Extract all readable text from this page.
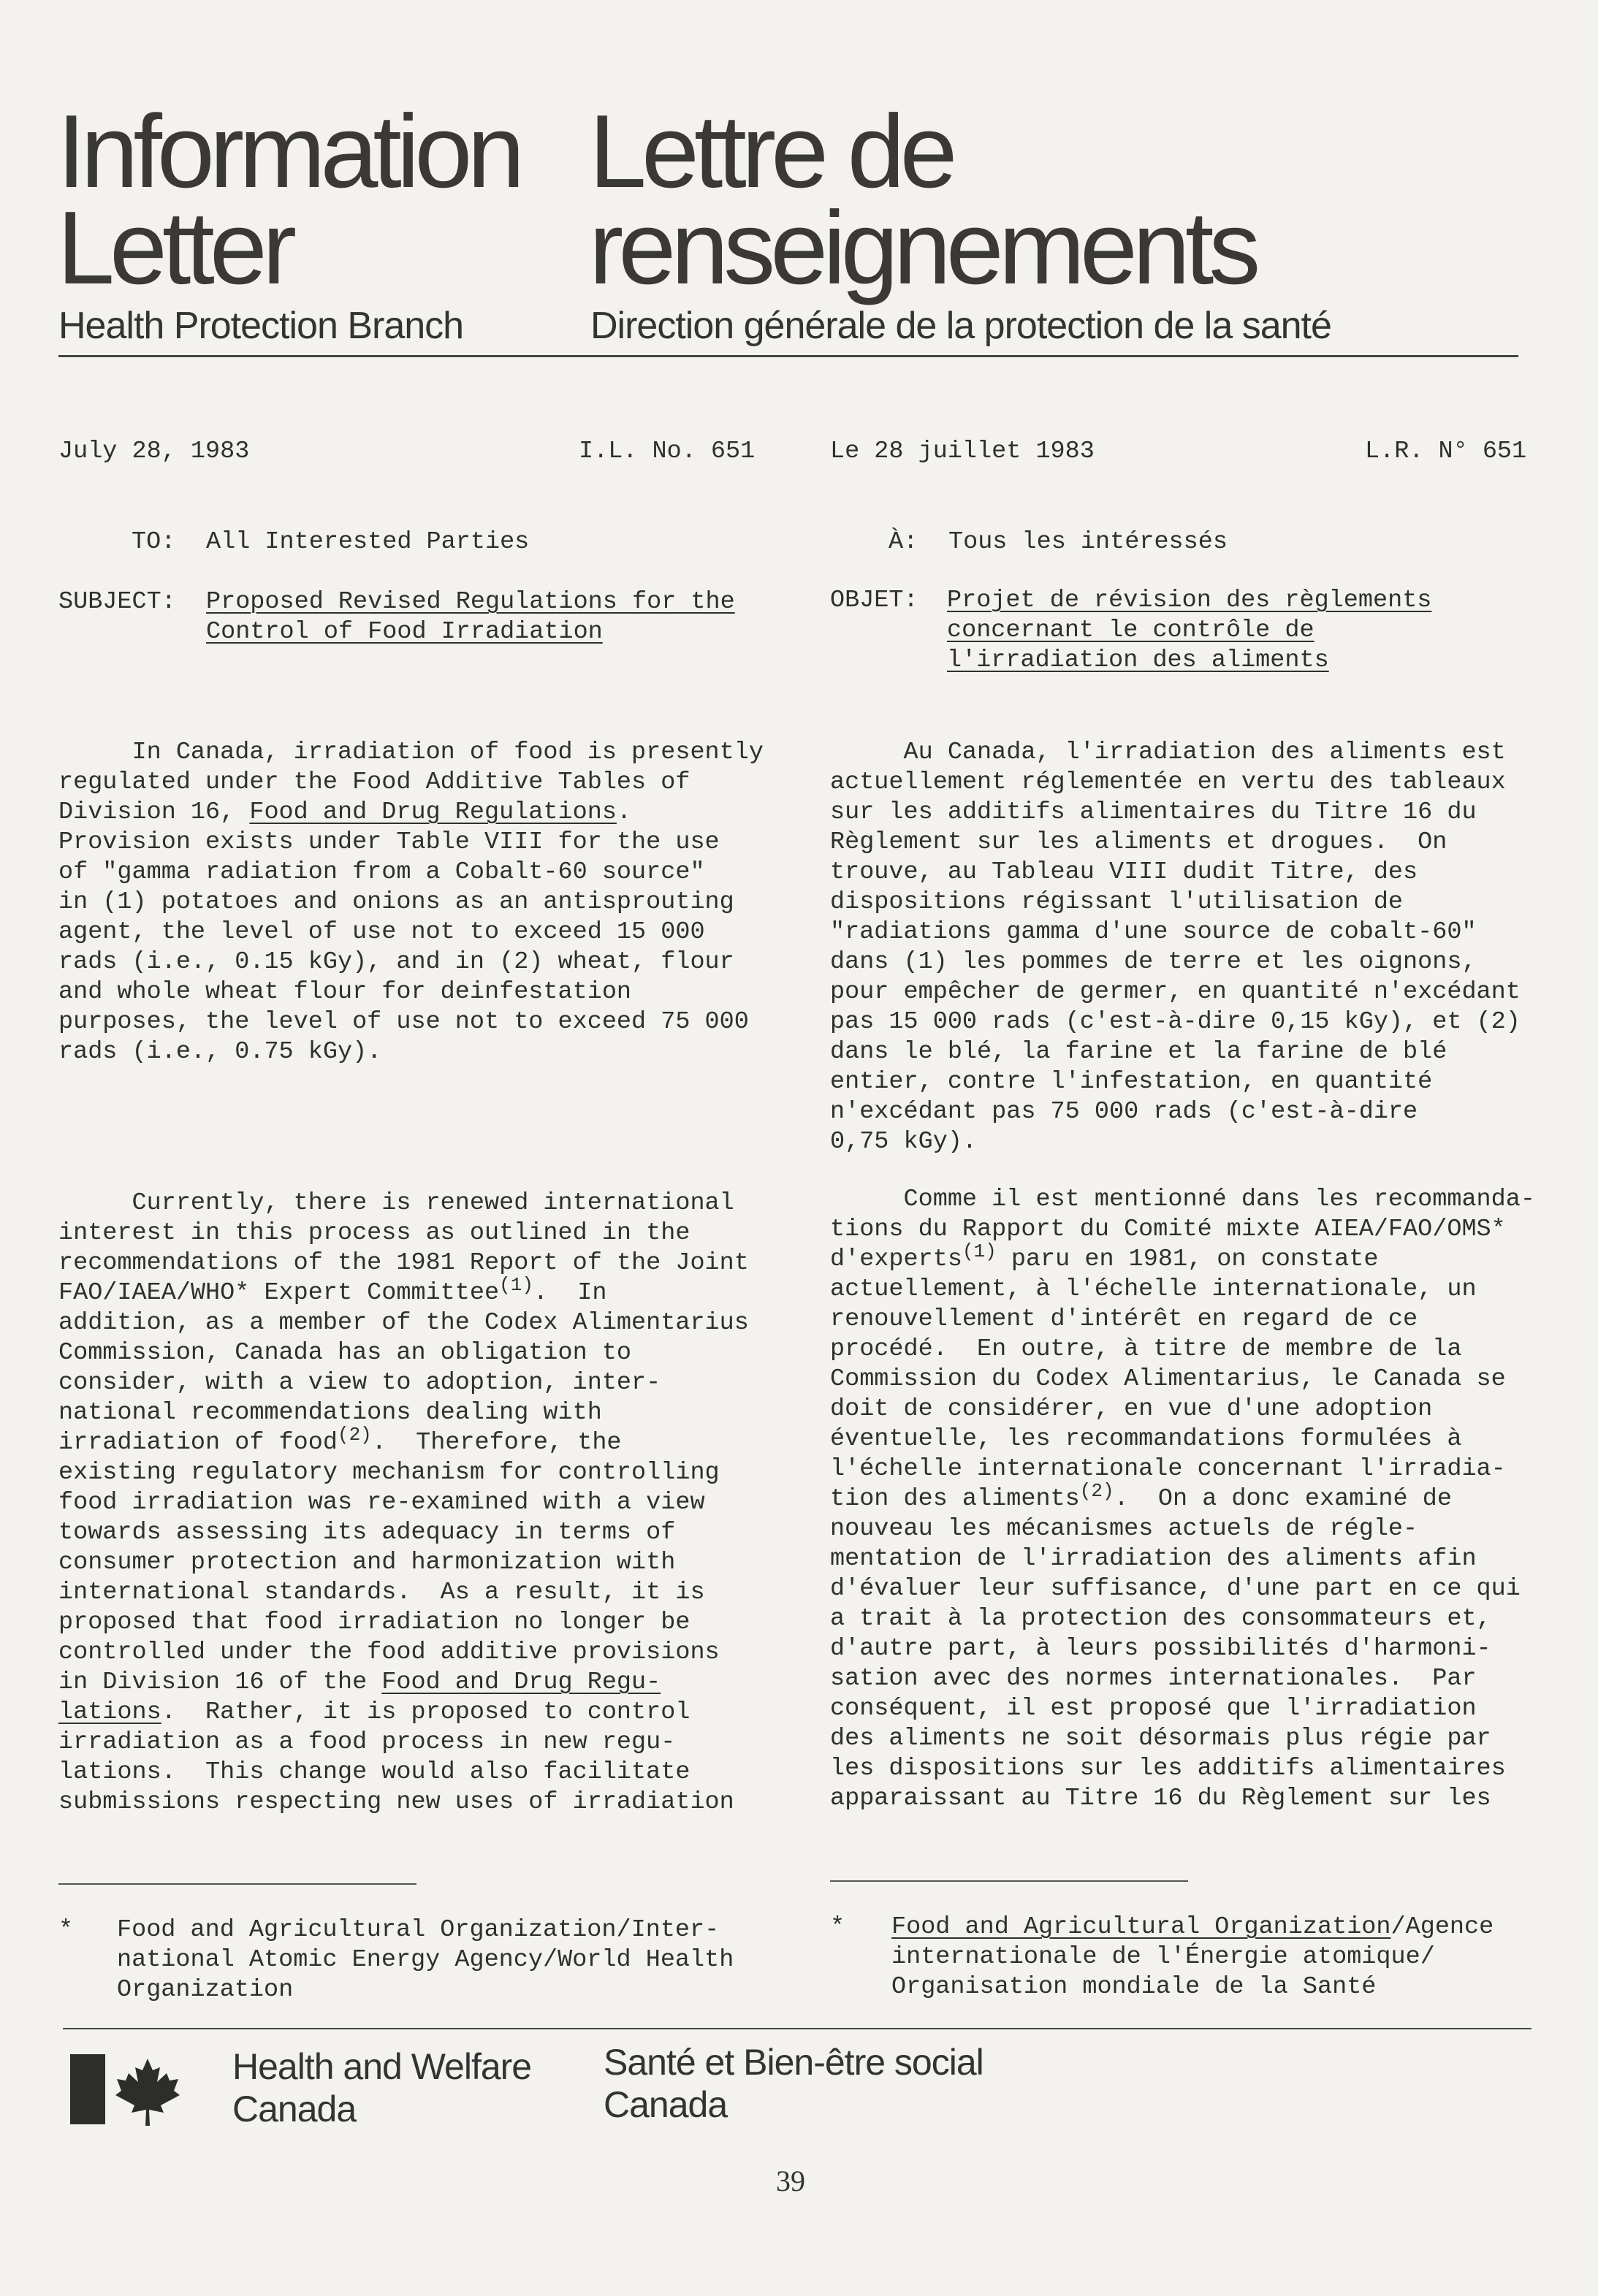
Information
Letter
Lettre de
renseignements
Health Protection Branch	Direction générale de la protection de la santé
July 28, 1983	I.L. No. 651
TO: All Interested Parties
SUBJECT: Proposed Revised Regulations for the
Control of Food Irradiation
In Canada, irradiation of food is presently
regulated under the Food Additive Tables of
Division 16, Food and Drug Regulations.
Provision exists under Table VIII for the use
of "gamma radiation from a Cobalt-60 source"
in (1) potatoes and onions as an antisprouting
agent, the level of use not to exceed 15 000
rads (i.e., 0.15 kGy), and in (2) wheat, flour
and whole wheat flour for deinfestation
purposes, the level of use not to exceed 75 000
rads (i.e., 0.75 kGy).
Currently, there is renewed international
interest in this process as outlined in the
recommendations of the 1981 Report of the Joint
FAO/IAEA/WHO* Expert Committee$^{(1)}$.  In
addition, as a member of the Codex Alimentarius
Commission, Canada has an obligation to
consider, with a view to adoption, inter-
national recommendations dealing with
irradiation of food$^{(2)}$.  Therefore, the
existing regulatory mechanism for controlling
food irradiation was re-examined with a view
towards assessing its adequacy in terms of
consumer protection and harmonization with
international standards.  As a result, it is
proposed that food irradiation no longer be
controlled under the food additive provisions
in Division 16 of the Food and Drug Regu-
lations.  Rather, it is proposed to control
irradiation as a food process in new regu-
lations.  This change would also facilitate
submissions respecting new uses of irradiation
* Food and Agricultural Organization/Inter-
national Atomic Energy Agency/World Health
Organization
Le 28 juillet 1983	L.R. N° 651
À: Tous les intéressés
OBJET: Projet de révision des règlements
concernant le contrôle de
l'irradiation des aliments
Au Canada, l'irradiation des aliments est
actuellement réglementée en vertu des tableaux
sur les additifs alimentaires du Titre 16 du
Règlement sur les aliments et drogues.  On
trouve, au Tableau VIII dudit Titre, des
dispositions régissant l'utilisation de
"radiations gamma d'une source de cobalt-60"
dans (1) les pommes de terre et les oignons,
pour empêcher de germer, en quantité n'excédant
pas 15 000 rads (c'est-à-dire 0,15 kGy), et (2)
dans le blé, la farine et la farine de blé
entier, contre l'infestation, en quantité
n'excédant pas 75 000 rads (c'est-à-dire
0,75 kGy).
Comme il est mentionné dans les recommanda-
tions du Rapport du Comité mixte AIEA/FAO/OMS*
d'experts$^{(1)}$ paru en 1981, on constate
actuellement, à l'échelle internationale, un
renouvellement d'intérêt en regard de ce
procédé.  En outre, à titre de membre de la
Commission du Codex Alimentarius, le Canada se
doit de considérer, en vue d'une adoption
éventuelle, les recommandations formulées à
l'échelle internationale concernant l'irradia-
tion des aliments$^{(2)}$.  On a donc examiné de
nouveau les mécanismes actuels de régle-
mentation de l'irradiation des aliments afin
d'évaluer leur suffisance, d'une part en ce qui
a trait à la protection des consommateurs et,
d'autre part, à leurs possibilités d'harmoni-
sation avec des normes internationales.  Par
conséquent, il est proposé que l'irradiation
des aliments ne soit désormais plus régie par
les dispositions sur les additifs alimentaires
apparaissant au Titre 16 du Règlement sur les
* Food and Agricultural Organization/Agence
internationale de l'Énergie atomique/
Organisation mondiale de la Santé
Health and Welfare
Canada
Santé et Bien-être social
Canada
39
